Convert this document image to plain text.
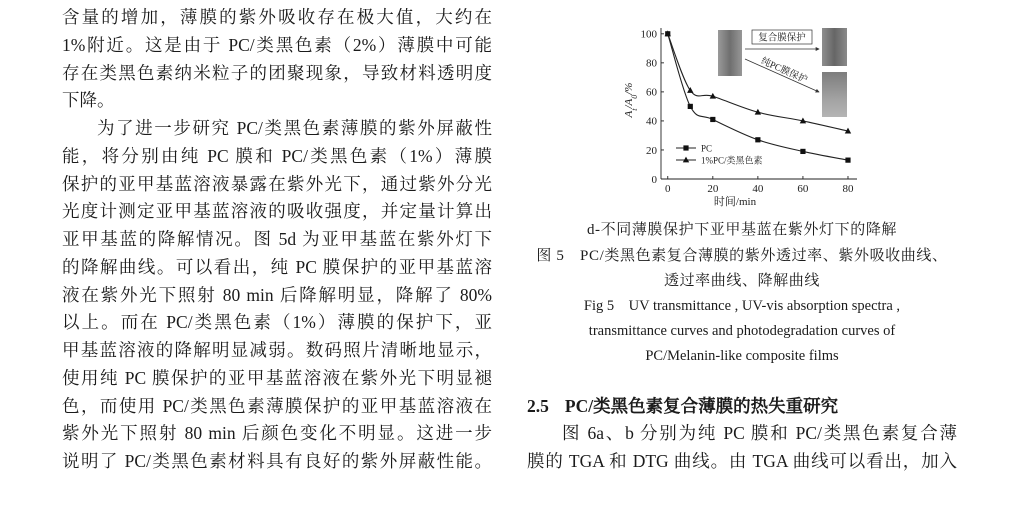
含量的增加，薄膜的紫外吸收存在极大值，大约在
1%附近。这是由于 PC/类黑色素（2%）薄膜中可能
存在类黑色素纳米粒子的团聚现象，导致材料透明度
下降。
为了进一步研究 PC/类黑色素薄膜的紫外屏蔽性
能，将分别由纯 PC 膜和 PC/类黑色素（1%）薄膜
保护的亚甲基蓝溶液暴露在紫外光下，通过紫外分光
光度计测定亚甲基蓝溶液的吸收强度，并定量计算出
亚甲基蓝的降解情况。图 5d 为亚甲基蓝在紫外灯下
的降解曲线。可以看出，纯 PC 膜保护的亚甲基蓝溶
液在紫外光下照射 80 min 后降解明显，降解了 80%
以上。而在 PC/类黑色素（1%）薄膜的保护下，亚
甲基蓝溶液的降解明显减弱。数码照片清晰地显示，
使用纯 PC 膜保护的亚甲基蓝溶液在紫外光下明显褪
色，而使用 PC/类黑色素薄膜保护的亚甲基蓝溶液在
紫外光下照射 80 min 后颜色变化不明显。这进一步
说明了 PC/类黑色素材料具有良好的紫外屏蔽性能。
复合膜保护
纯PC膜保护
0
20
40
60
80
100
0	20	40	60	80
PC
1%PC/类黑色素
时间/min
$A_t/A_0/\%$
d-不同薄膜保护下亚甲基蓝在紫外灯下的降解
图 5　PC/类黑色素复合薄膜的紫外透过率、紫外吸收曲线、
透过率曲线、降解曲线
Fig 5　UV transmittance , UV-vis absorption spectra ,
transmittance curves and photodegradation curves of
PC/Melanin-like composite films
2.5 PC/类黑色素复合薄膜的热失重研究
图 6a、b 分别为纯 PC 膜和 PC/类黑色素复合薄
膜的 TGA 和 DTG 曲线。由 TGA 曲线可以看出，加入
